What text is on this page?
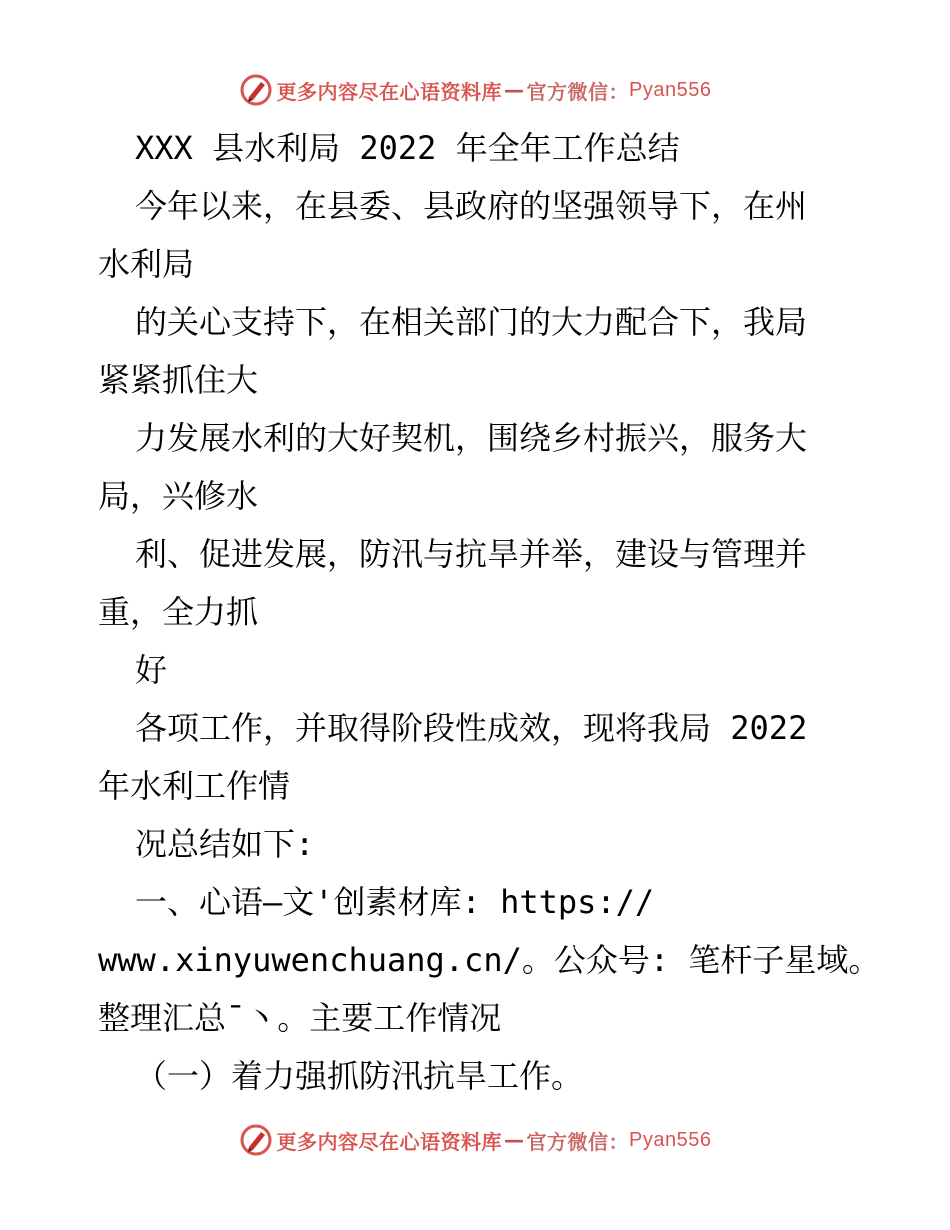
更多内容尽在心语资料库 — 官方微信： Pyan556
XXX 县水利局 2022 年全年工作总结
今年以来，在县委、县政府的坚强领导下，在州
水利局
的关心支持下，在相关部门的大力配合下，我局
紧紧抓住大
力发展水利的大好契机，围绕乡村振兴，服务大
局，兴修水
利、促进发展，防汛与抗旱并举，建设与管理并
重，全力抓
好
各项工作，并取得阶段性成效，现将我局 2022
年水利工作情
况总结如下:
一、心语—文'创素材库: https://
www.xinyuwenchuang.cn/。公众号: 笔杆子星域。
整理汇总¯丶。主要工作情况
（一）着力强抓防汛抗旱工作。
更多内容尽在心语资料库 — 官方微信： Pyan556
